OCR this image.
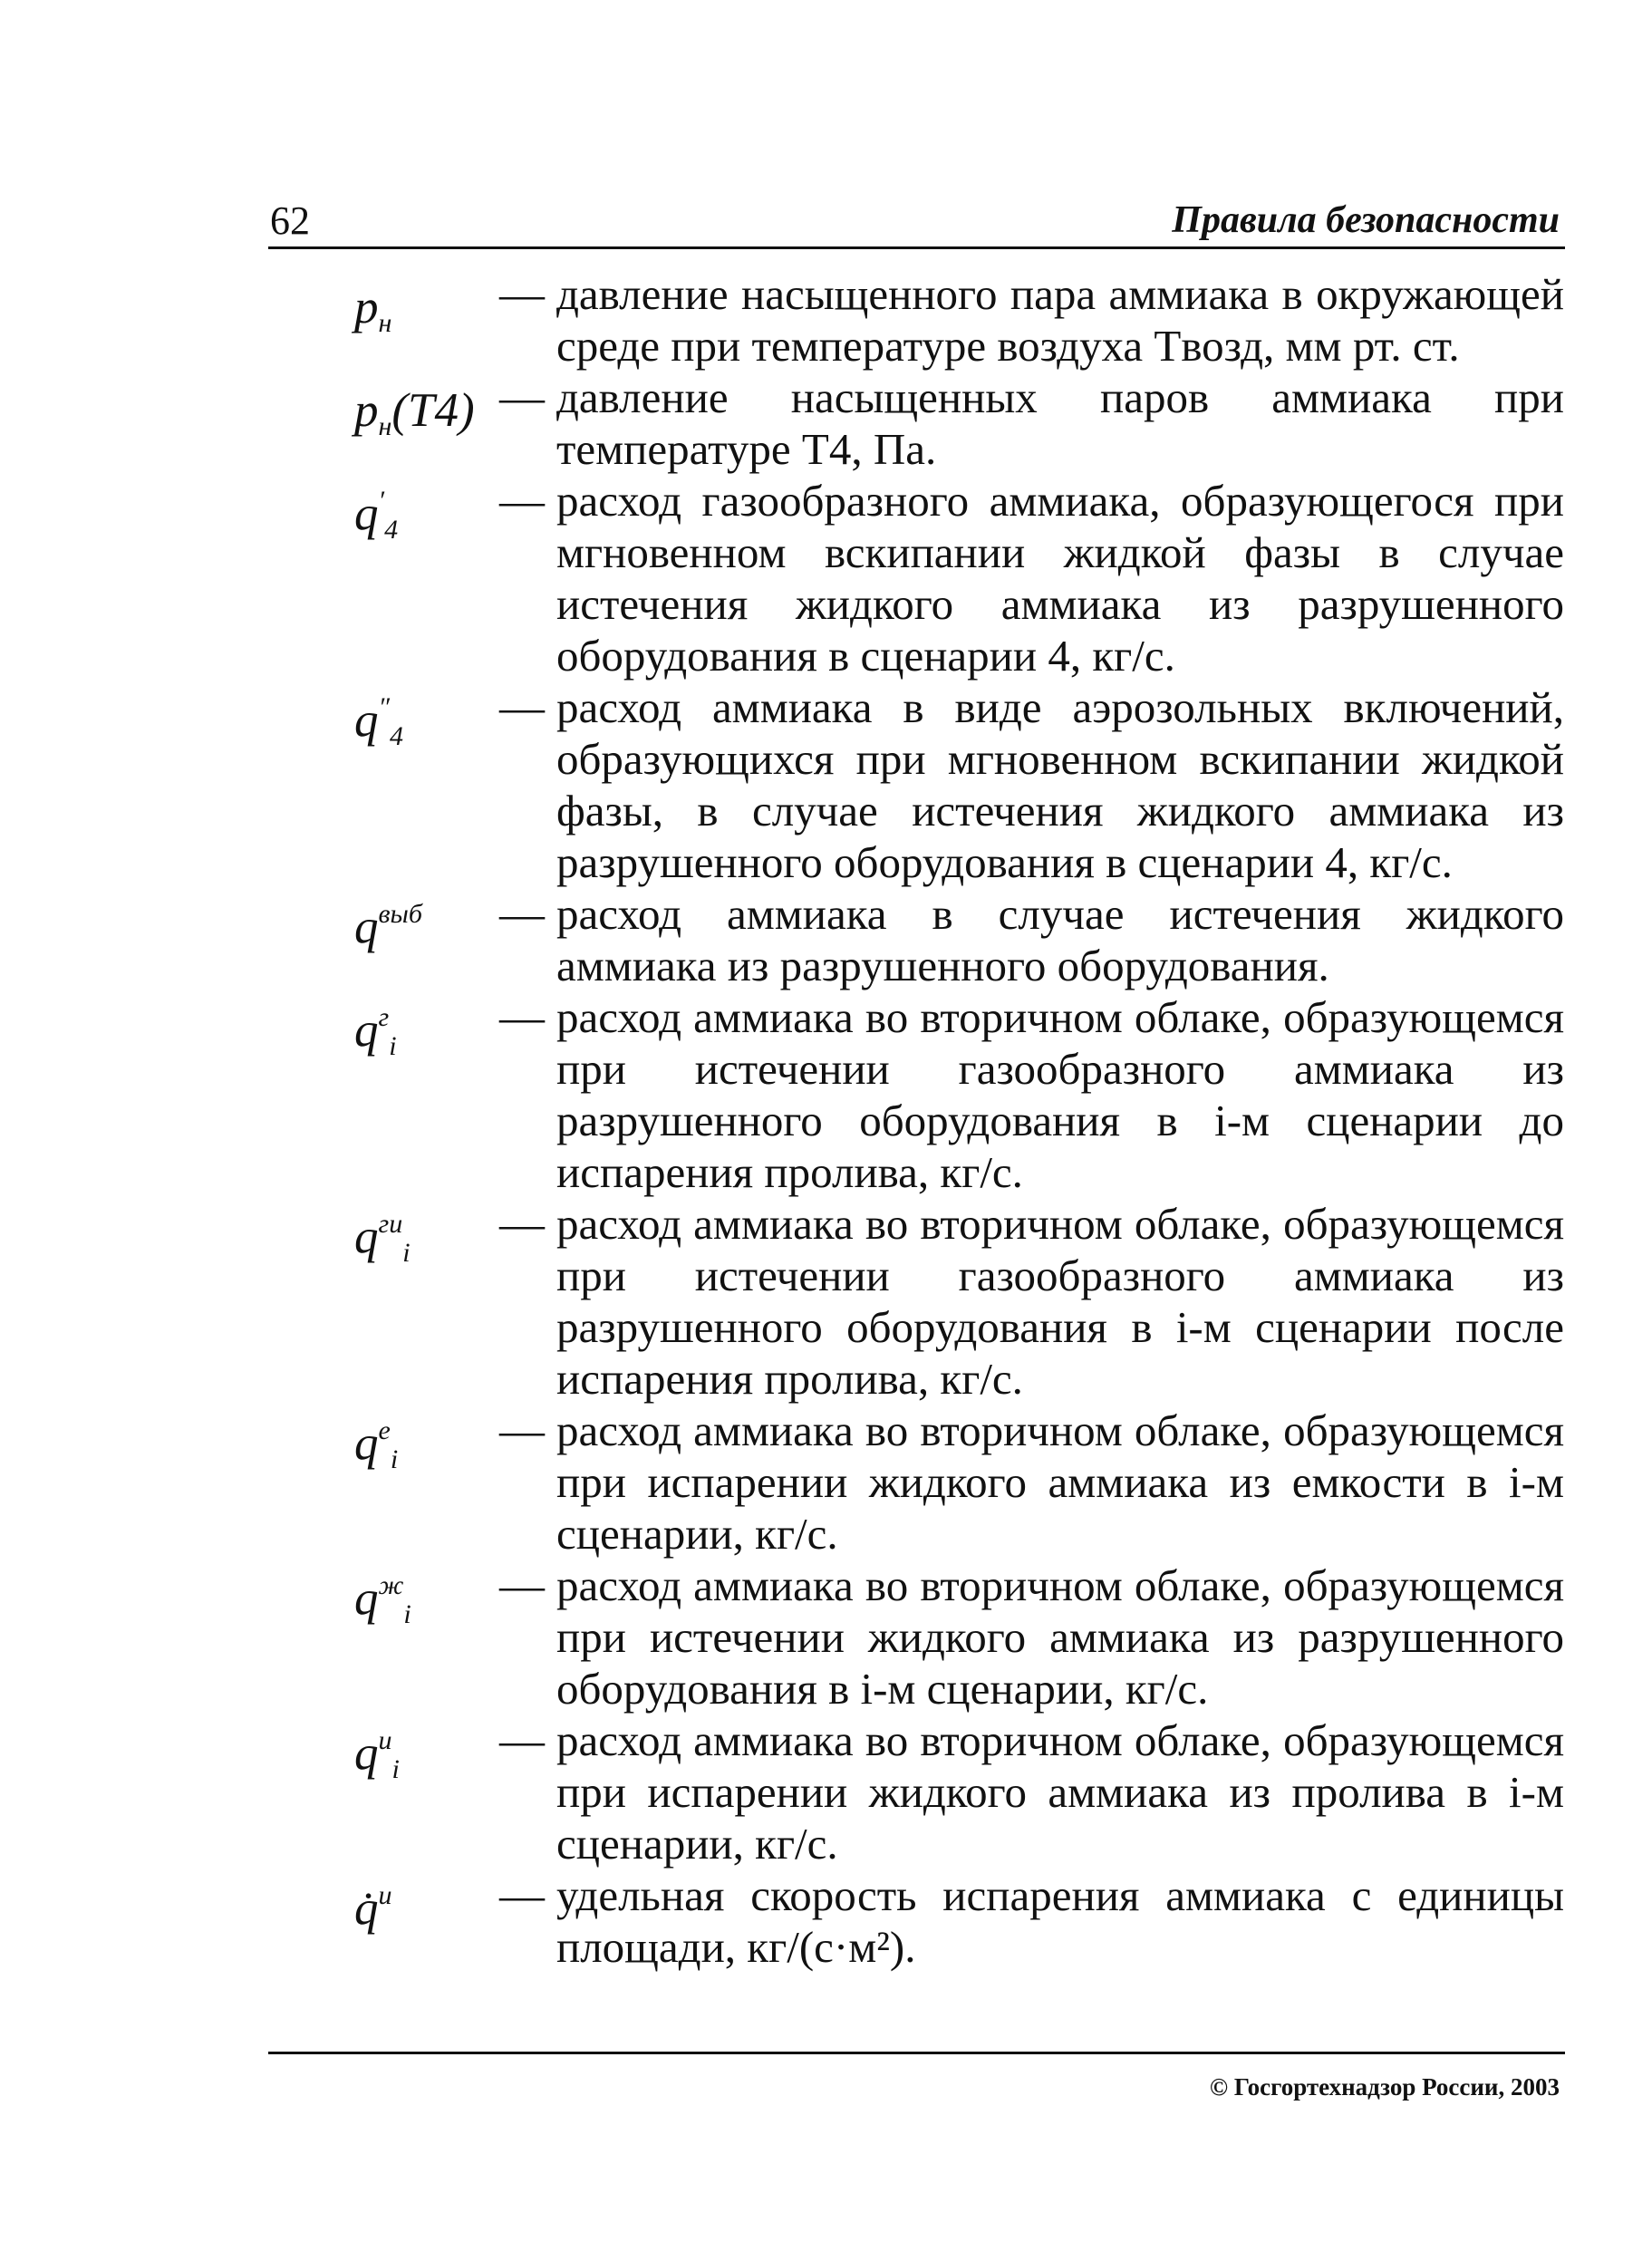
62	Правила безопасности
$p_н$
— давление насыщенного пара аммиака в окружающей среде при температуре воздуха Tвозд, мм рт. ст.
$p_н(T4)$ — давление насыщенных паров аммиака при температуре T4, Па.
$q'_4$
— расход газообразного аммиака, образующегося при мгновенном вскипании жидкой фазы в случае истечения жидкого аммиака из разрушенного оборудования в сценарии 4, кг/с.
$q''_4$
— расход аммиака в виде аэрозольных включений, образующихся при мгновенном вскипании жидкой фазы, в случае истечения жидкого аммиака из разрушенного оборудования в сценарии 4, кг/с.
$q^{выб}$	— расход аммиака в случае истечения жидкого аммиака из разрушенного оборудования.
$q^г_i$
— расход аммиака во вторичном облаке, образующемся при истечении газообразного аммиака из разрушенного оборудования в i-м сценарии до испарения пролива, кг/с.
$q^{ги}_i$
— расход аммиака во вторичном облаке, образующемся при истечении газообразного аммиака из разрушенного оборудования в i-м сценарии после испарения пролива, кг/с.
$q^е_i$
— расход аммиака во вторичном облаке, образующемся при испарении жидкого аммиака из емкости в i-м сценарии, кг/с.
$q^ж_i$
— расход аммиака во вторичном облаке, образующемся при истечении жидкого аммиака из разрушенного оборудования в i-м сценарии, кг/с.
$q^и_i$
— расход аммиака во вторичном облаке, образующемся при испарении жидкого аммиака из пролива в i-м сценарии, кг/с.
q̇$^и$	— удельная скорость испарения аммиака с единицы площади, кг/(с·м²).
© Госгортехнадзор России, 2003
